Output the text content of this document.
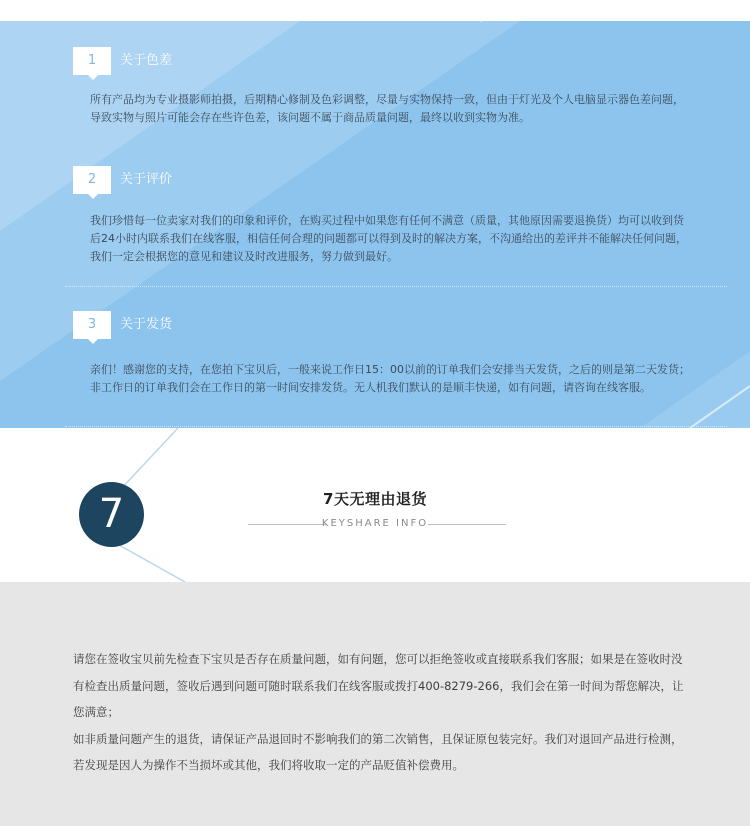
1	关于色差
所有产品均为专业摄影师拍摄，后期精心修制及色彩调整，尽量与实物保持一致，但由于灯光及个人电脑显示器色差问题，导致实物与照片可能会存在些许色差，该问题不属于商品质量问题，最终以收到实物为准。
2	关于评价
我们珍惜每一位卖家对我们的印象和评价，在购买过程中如果您有任何不满意（质量，其他原因需要退换货）均可以收到货后24小时内联系我们在线客服，相信任何合理的问题都可以得到及时的解决方案，不沟通给出的差评并不能解决任何问题，我们一定会根据您的意见和建议及时改进服务，努力做到最好。
3	关于发货
亲们！感谢您的支持，在您拍下宝贝后，一般来说工作日15：00以前的订单我们会安排当天发货，之后的则是第二天发货；非工作日的订单我们会在工作日的第一时间安排发货。无人机我们默认的是顺丰快递，如有问题，请咨询在线客服。
7	7天无理由退货
KEYSHARE INFO

请您在签收宝贝前先检查下宝贝是否存在质量问题，如有问题，您可以拒绝签收或直接联系我们客服；如果是在签收时没有检查出质量问题，签收后遇到问题可随时联系我们在线客服或拨打400-8279-266，我们会在第一时间为帮您解决，让您满意；

如非质量问题产生的退货，请保证产品退回时不影响我们的第二次销售，且保证原包装完好。我们对退回产品进行检测，若发现是因人为操作不当损坏或其他，我们将收取一定的产品贬值补偿费用。
